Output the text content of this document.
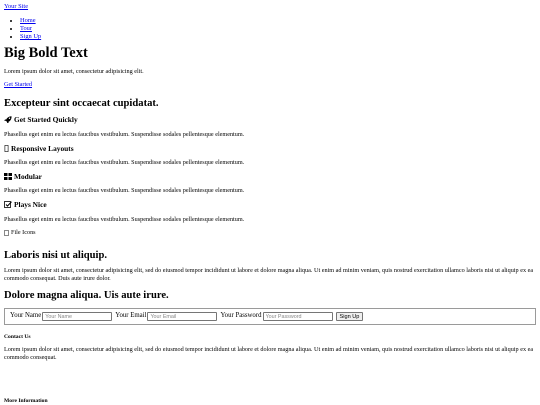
Your Site
• Home
• Tour
• Sign Up
Big Bold Text

Lorem ipsum dolor sit amet, consectetur adipisicing elit.

Get Started
Excepteur sint occaecat cupidatat.
Get Started Quickly

Phasellus eget enim eu lectus faucibus vestibulum. Suspendisse sodales pellentesque elementum.

Responsive Layouts

Phasellus eget enim eu lectus faucibus vestibulum. Suspendisse sodales pellentesque elementum.

Modular

Phasellus eget enim eu lectus faucibus vestibulum. Suspendisse sodales pellentesque elementum.

Plays Nice

Phasellus eget enim eu lectus faucibus vestibulum. Suspendisse sodales pellentesque elementum.

File Icons
Laboris nisi ut aliquip.

Lorem ipsum dolor sit amet, consectetur adipisicing elit, sed do eiusmod tempor incididunt ut labore et dolore magna aliqua. Ut enim ad minim veniam, quis nostrud exercitation ullamco laboris nisi ut aliquip ex ea commodo consequat. Duis aute irure dolor.

Dolore magna aliqua. Uis aute irure.
Your Name
Your Name	Your Email
Your Email	Your Password	Sign Up
Contact Us

Lorem ipsum dolor sit amet, consectetur adipisicing elit, sed do eiusmod tempor incididunt ut labore et dolore magna aliqua. Ut enim ad minim veniam, quis nostrud exercitation ullamco laboris nisi ut aliquip ex ea commodo consequat.

More Information
